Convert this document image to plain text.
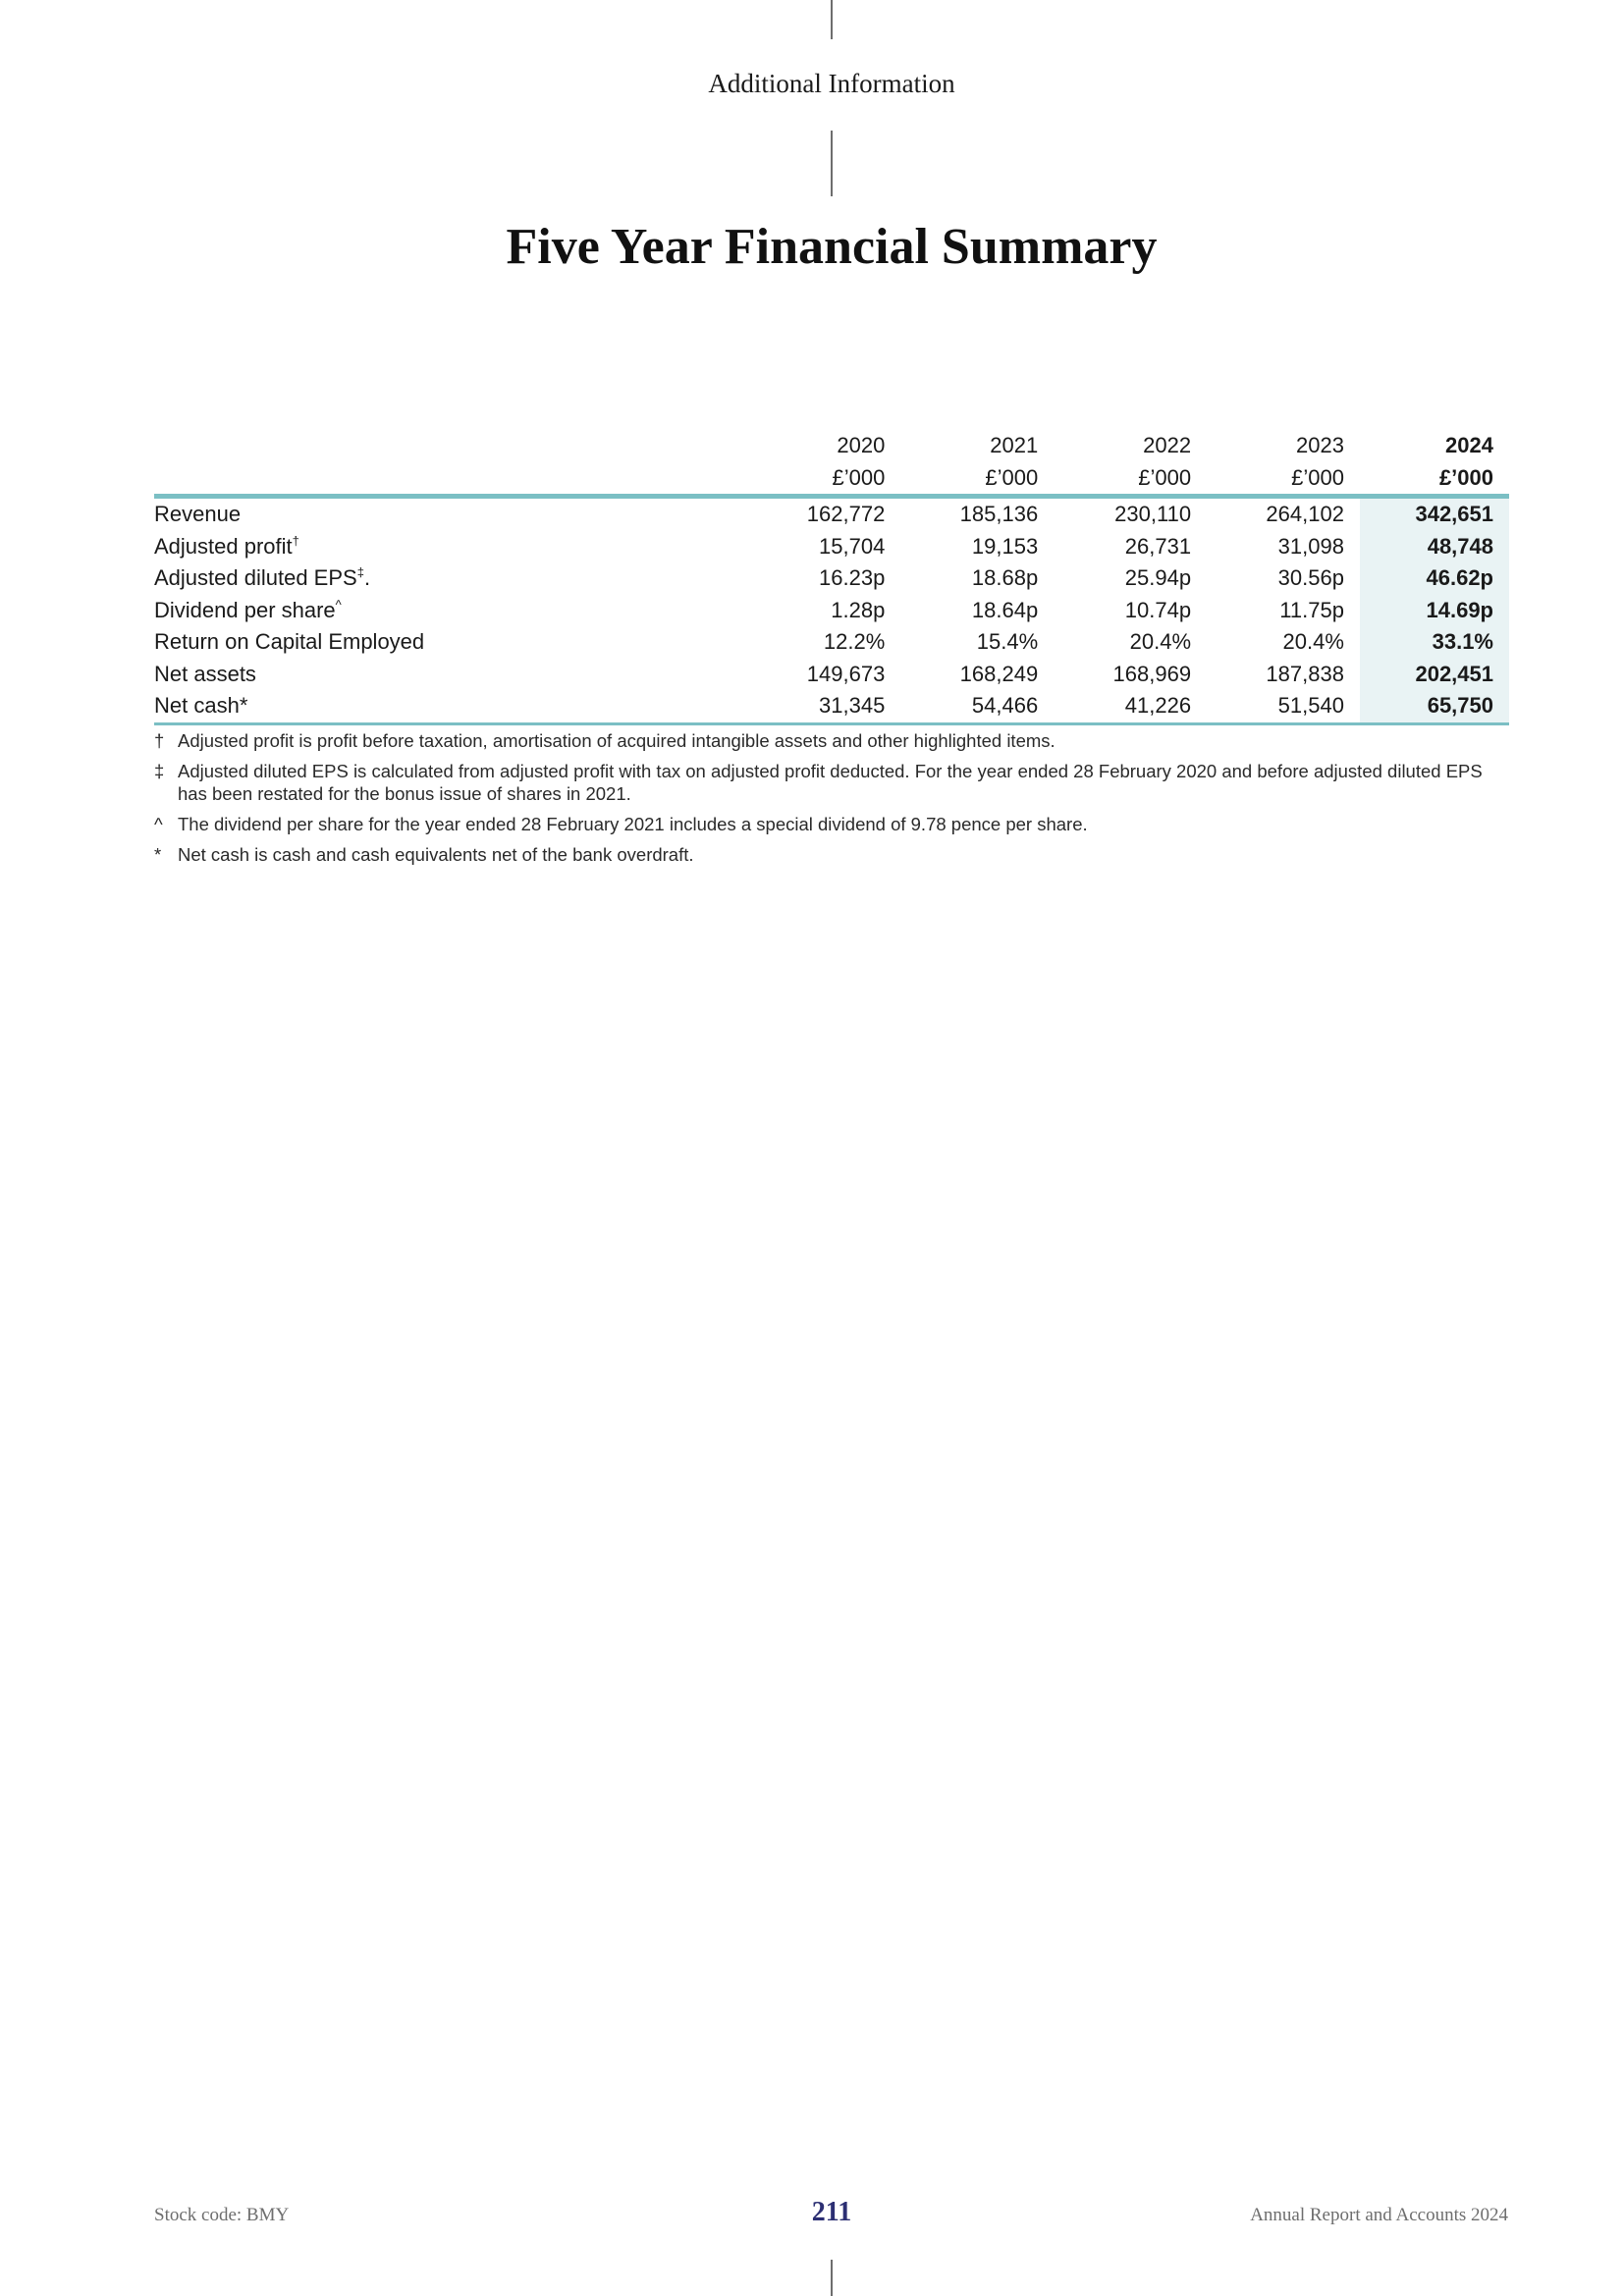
Additional Information
Five Year Financial Summary
	2020	2021	2022	2023	2024
	£’000	£’000	£’000	£’000	£’000
Revenue	162,772	185,136	230,110	264,102	342,651
Adjusted profit†	15,704	19,153	26,731	31,098	48,748
Adjusted diluted EPS‡.	16.23p	18.68p	25.94p	30.56p	46.62p
Dividend per share^	1.28p	18.64p	10.74p	11.75p	14.69p
Return on Capital Employed	12.2%	15.4%	20.4%	20.4%	33.1%
Net assets	149,673	168,249	168,969	187,838	202,451
Net cash*	31,345	54,466	41,226	51,540	65,750
† Adjusted profit is profit before taxation, amortisation of acquired intangible assets and other highlighted items.
‡ Adjusted diluted EPS is calculated from adjusted profit with tax on adjusted profit deducted. For the year ended 28 February 2020 and before adjusted diluted EPS has been restated for the bonus issue of shares in 2021.
^ The dividend per share for the year ended 28 February 2021 includes a special dividend of 9.78 pence per share.
* Net cash is cash and cash equivalents net of the bank overdraft.
Stock code: BMY	211	Annual Report and Accounts 2024
